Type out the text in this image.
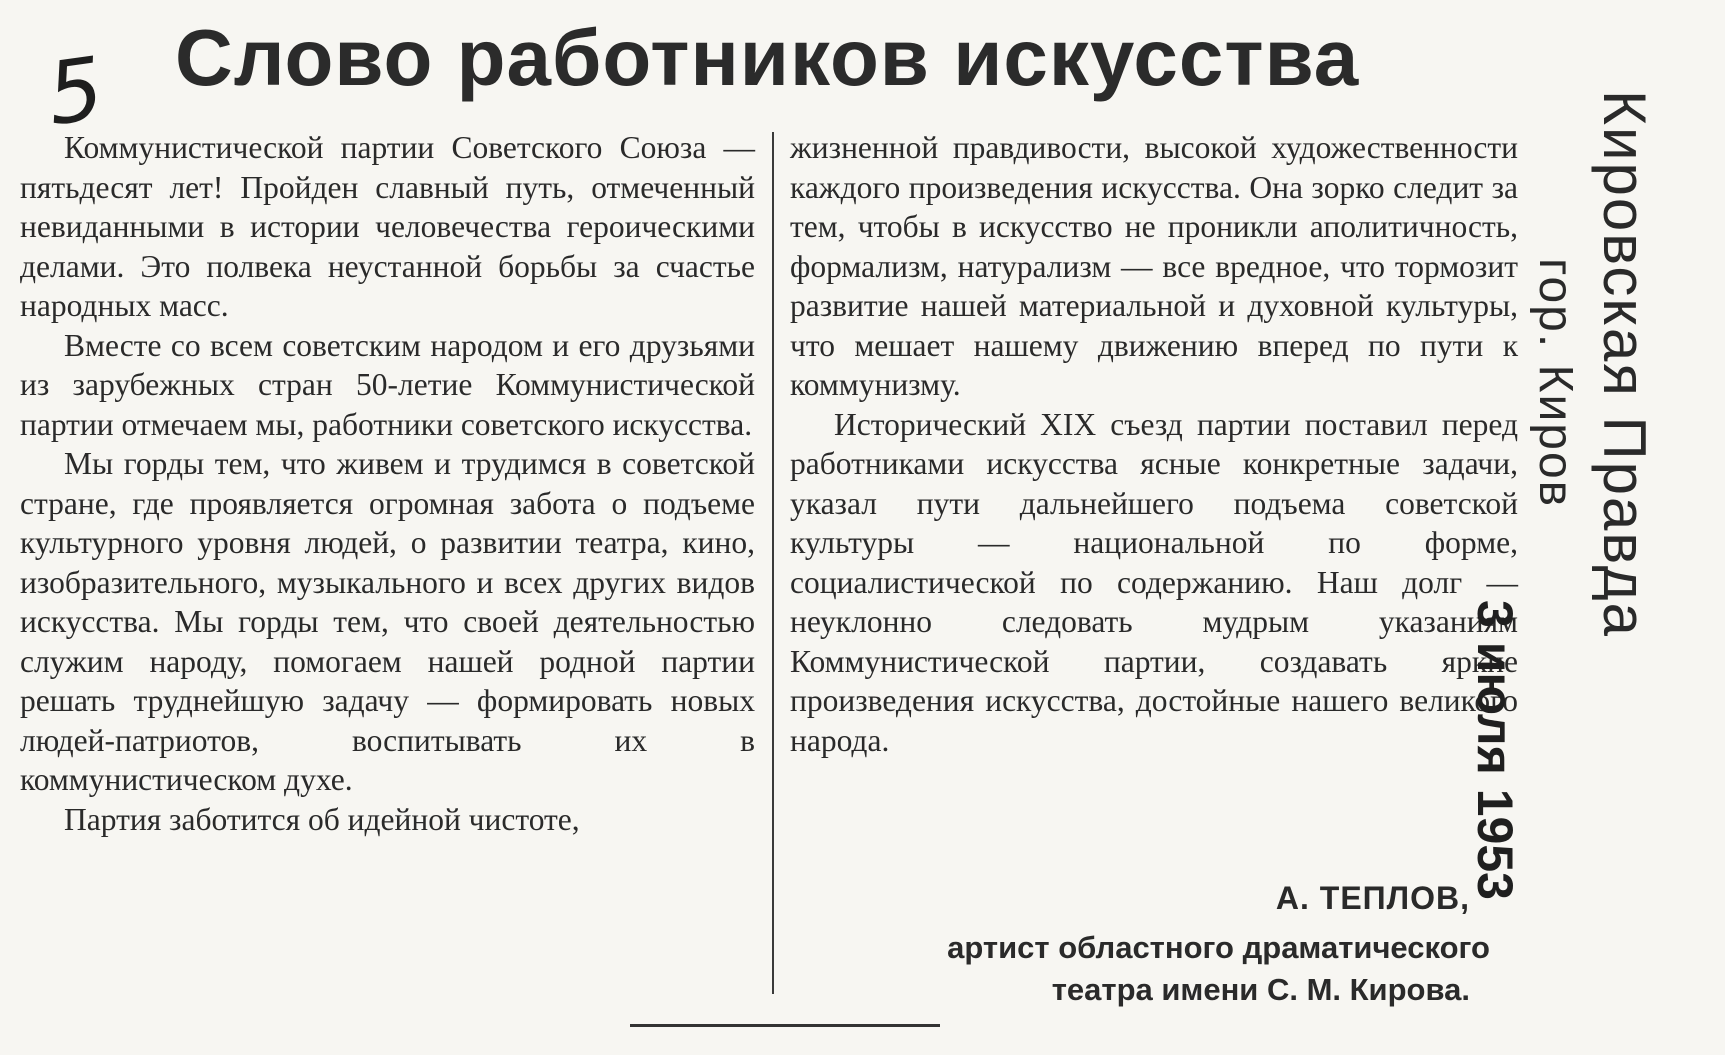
5 Слово работников искусства

Коммунистической партии Советского Союза — пятьдесят лет! Пройден славный путь, отмеченный невиданными в истории человечества героическими делами. Это полвека неустанной борьбы за счастье народных масс.

Вместе со всем советским народом и его друзьями из зарубежных стран 50-летие Коммунистической партии отмечаем мы, работники советского искусства.

Мы горды тем, что живем и трудимся в советской стране, где проявляется огромная забота о подъеме культурного уровня людей, о развитии театра, кино, изобразительного, музыкального и всех других видов искусства. Мы горды тем, что своей деятельностью служим народу, помогаем нашей родной партии решать труднейшую задачу — формировать новых людей-патриотов, воспитывать их в коммунистическом духе.

Партия заботится об идейной чистоте,

жизненной правдивости, высокой художественности каждого произведения искусства. Она зорко следит за тем, чтобы в искусство не проникли аполитичность, формализм, натурализм — все вредное, что тормозит развитие нашей материальной и духовной культуры, что мешает нашему движению вперед по пути к коммунизму.

Исторический XIX съезд партии поставил перед работниками искусства ясные конкретные задачи, указал пути дальнейшего подъема советской культуры — национальной по форме, социалистической по содержанию. Наш долг — неуклонно следовать мудрым указаниям Коммунистической партии, создавать яркие произведения искусства, достойные нашего великого народа.

А. ТЕПЛОВ,
артист областного драматического
театра имени С. М. Кирова.
Кировская Правда
гор. Киров
3 июля 1953
